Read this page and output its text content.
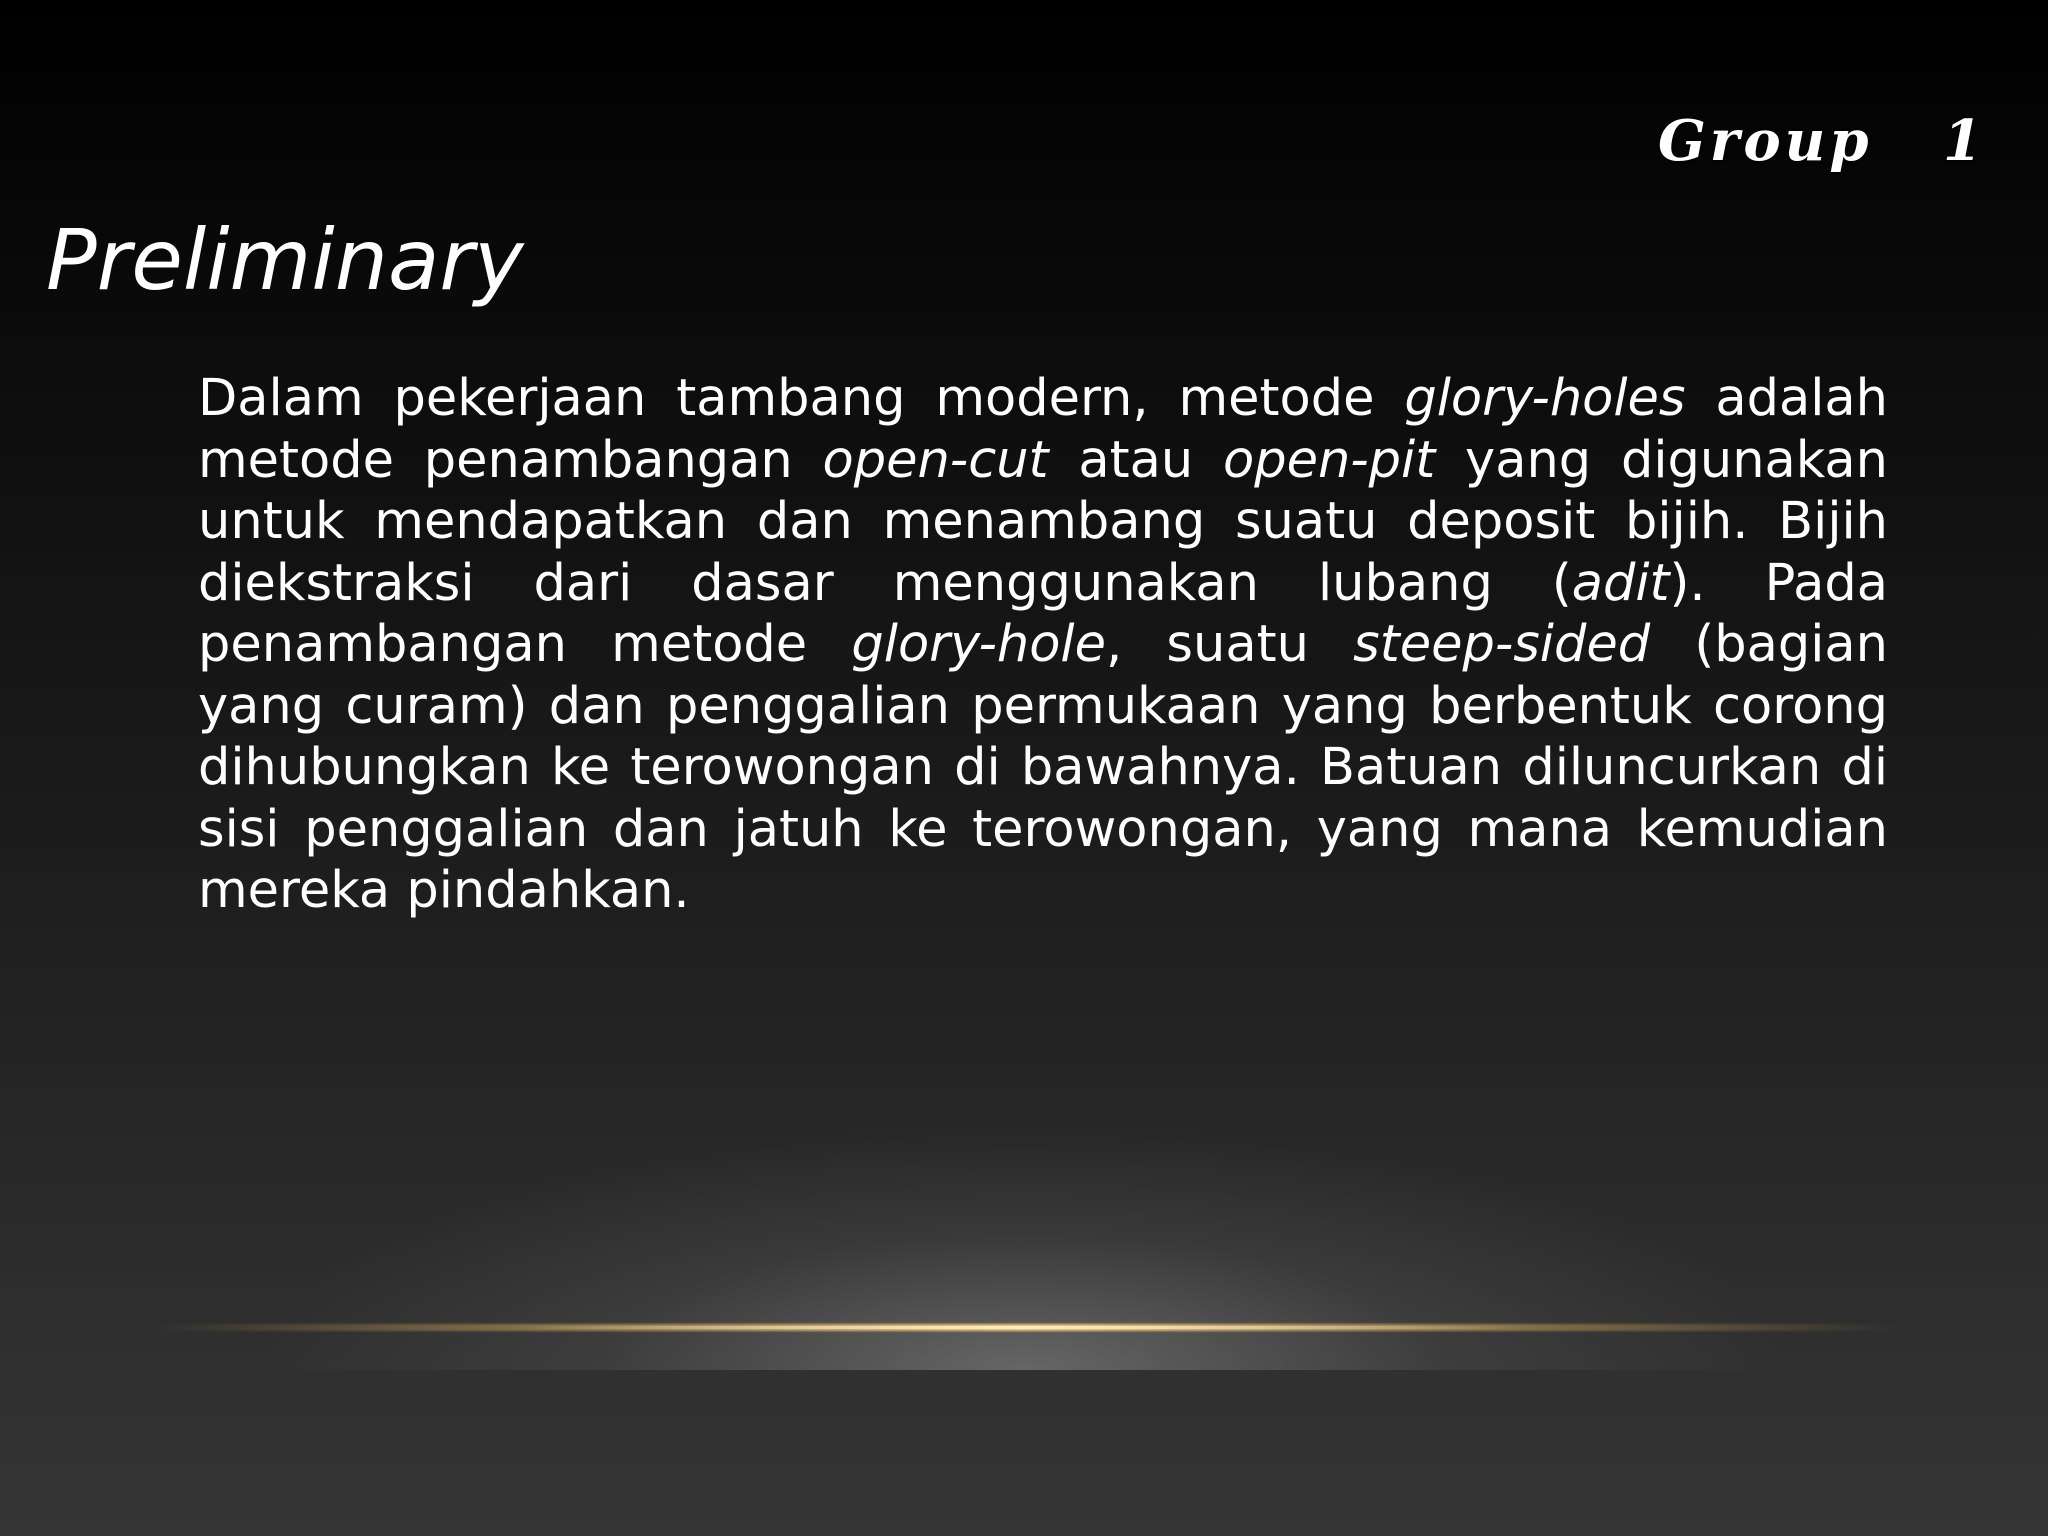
Group   1
Preliminary

Dalam pekerjaan tambang modern, metode glory-holes adalah metode penambangan open-cut atau open-pit yang digunakan untuk mendapatkan dan menambang suatu deposit bijih. Bijih diekstraksi dari dasar menggunakan lubang (adit). Pada penambangan metode glory-hole, suatu steep-sided (bagian yang curam) dan penggalian permukaan yang berbentuk corong dihubungkan ke terowongan di bawahnya. Batuan diluncurkan di sisi penggalian dan jatuh ke terowongan, yang mana kemudian mereka pindahkan.
